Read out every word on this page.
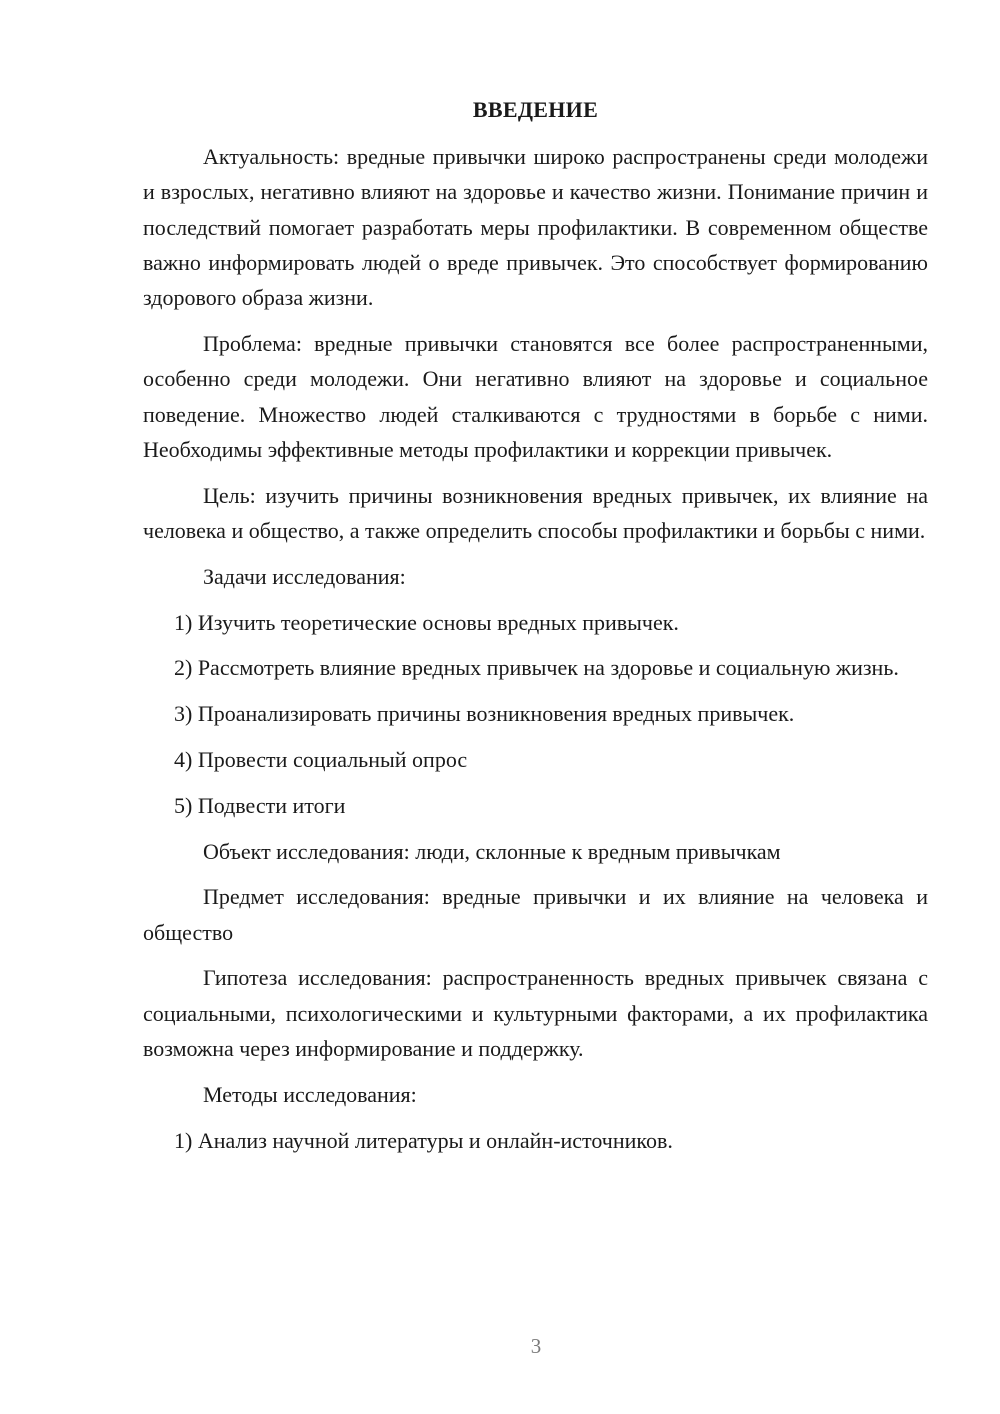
ВВЕДЕНИЕ

Актуальность: вредные привычки широко распространены среди молодежи и взрослых, негативно влияют на здоровье и качество жизни. Понимание причин и последствий помогает разработать меры профилактики. В современном обществе важно информировать людей о вреде привычек. Это способствует формированию здорового образа жизни.

Проблема: вредные привычки становятся все более распространенными, особенно среди молодежи. Они негативно влияют на здоровье и социальное поведение. Множество людей сталкиваются с трудностями в борьбе с ними. Необходимы эффективные методы профилактики и коррекции привычек.

Цель: изучить причины возникновения вредных привычек, их влияние на человека и общество, а также определить способы профилактики и борьбы с ними.

Задачи исследования:

1) Изучить теоретические основы вредных привычек.

2) Рассмотреть влияние вредных привычек на здоровье и социальную жизнь.

3) Проанализировать причины возникновения вредных привычек.

4) Провести социальный опрос

5) Подвести итоги

Объект исследования: люди, склонные к вредным привычкам

Предмет исследования: вредные привычки и их влияние на человека и общество

Гипотеза исследования: распространенность вредных привычек связана с социальными, психологическими и культурными факторами, а их профилактика возможна через информирование и поддержку.

Методы исследования:

1) Анализ научной литературы и онлайн-источников.

3
